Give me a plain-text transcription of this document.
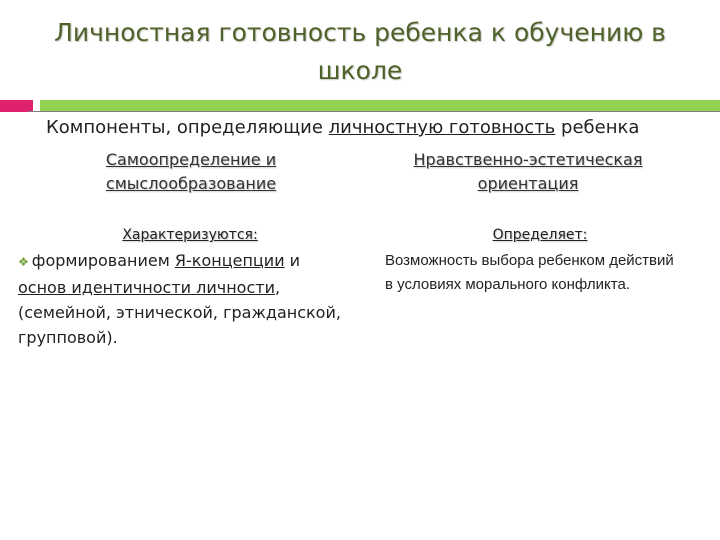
Личностная готовность ребенка к обучению в
школе
Компоненты, определяющие личностную готовность ребенка
Самоопределение и
смыслообразование
Нравственно-эстетическая
ориентация
Характеризуются:	Определяет:
❖ формированием Я-концепции и основ идентичности личности, (семейной, этнической, гражданской, групповой).
Возможность выбора ребенком действий в условиях морального конфликта.
